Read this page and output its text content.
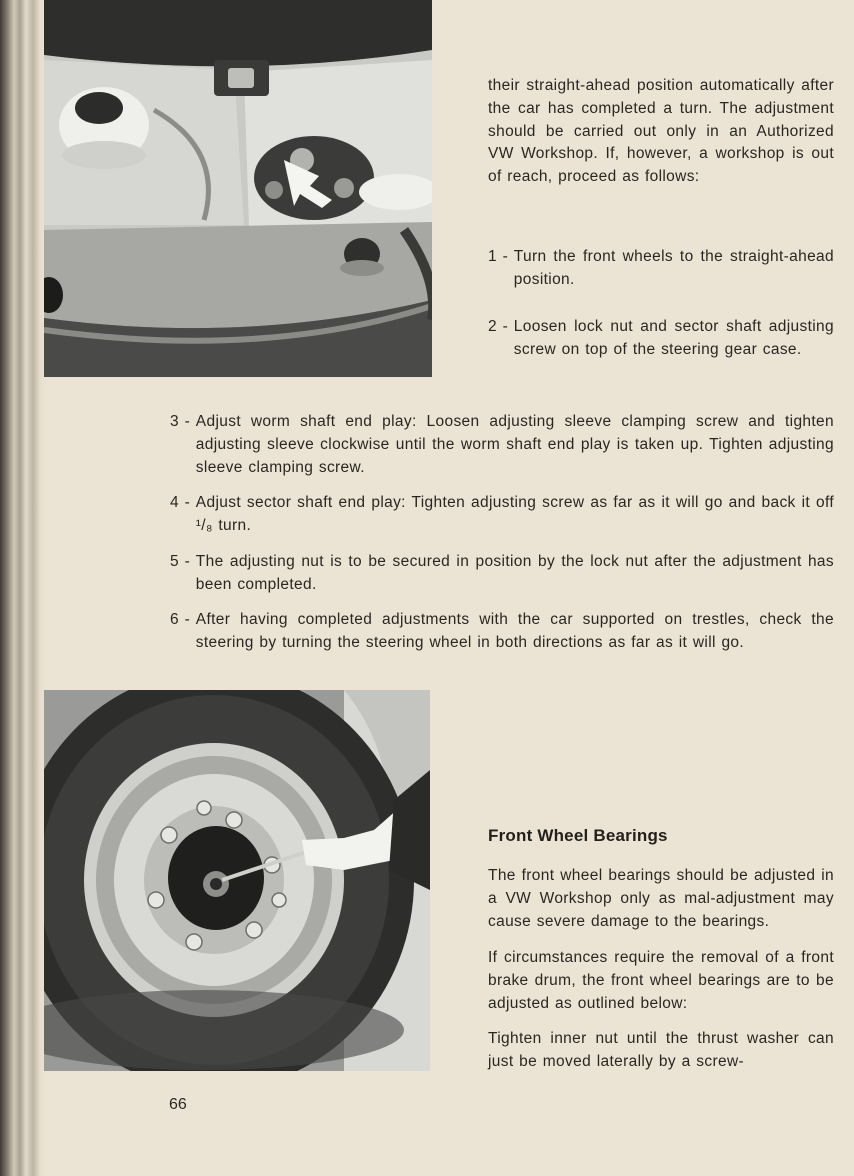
their straight-ahead position automatically after the car has completed a turn. The adjustment should be carried out only in an Authorized VW Workshop. If, however, a workshop is out of reach, proceed as follows:
1 - Turn the front wheels to the straight-ahead position.
2 - Loosen lock nut and sector shaft adjusting screw on top of the steering gear case.
3 - Adjust worm shaft end play: Loosen adjusting sleeve clamping screw and tighten adjusting sleeve clockwise until the worm shaft end play is taken up. Tighten adjusting sleeve clamping screw.
4 - Adjust sector shaft end play: Tighten adjusting screw as far as it will go and back it off ¹/₈ turn.
5 - The adjusting nut is to be secured in position by the lock nut after the adjustment has been completed.
6 - After having completed adjustments with the car supported on trestles, check the steering by turning the steering wheel in both directions as far as it will go.
Front Wheel Bearings
The front wheel bearings should be adjusted in a VW Workshop only as mal-adjustment may cause severe damage to the bearings.
If circumstances require the removal of a front brake drum, the front wheel bearings are to be adjusted as outlined below:
Tighten inner nut until the thrust washer can just be moved laterally by a screw-
66
